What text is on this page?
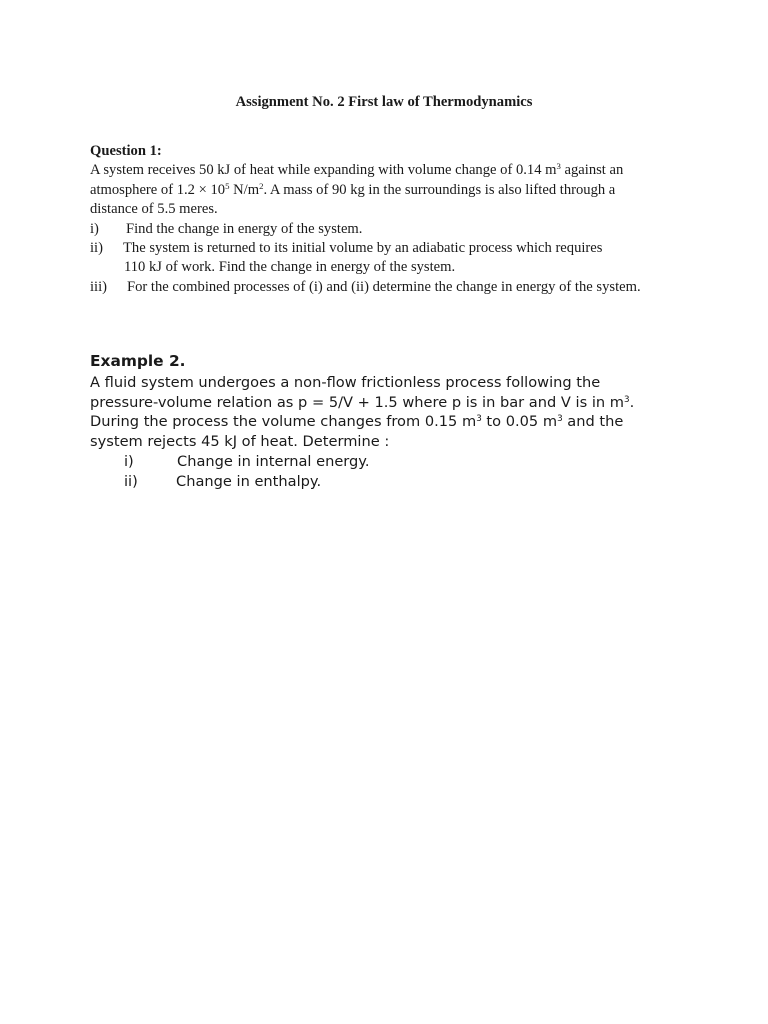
Assignment No. 2 First law of Thermodynamics
Question 1:
A system receives 50 kJ of heat while expanding with volume change of 0.14 $m^3$ against an
atmosphere of $1.2 \times 10^5$ $N/m^2$. A mass of 90 kg in the surroundings is also lifted through a
distance of 5.5 meres.
i)	Find the change in energy of the system.
ii)	The system is returned to its initial volume by an adiabatic process which requires
110 kJ of work. Find the change in energy of the system.
iii)	For the combined processes of (i) and (ii) determine the change in energy of the system.
Example 2.
A fluid system undergoes a non-flow frictionless process following the
pressure-volume relation as p = 5/V + 1.5 where p is in bar and V is in $m^3$.
During the process the volume changes from 0.15 $m^3$ to 0.05 $m^3$ and the
system rejects 45 kJ of heat. Determine :
i)	Change in internal energy.
ii)	Change in enthalpy.
